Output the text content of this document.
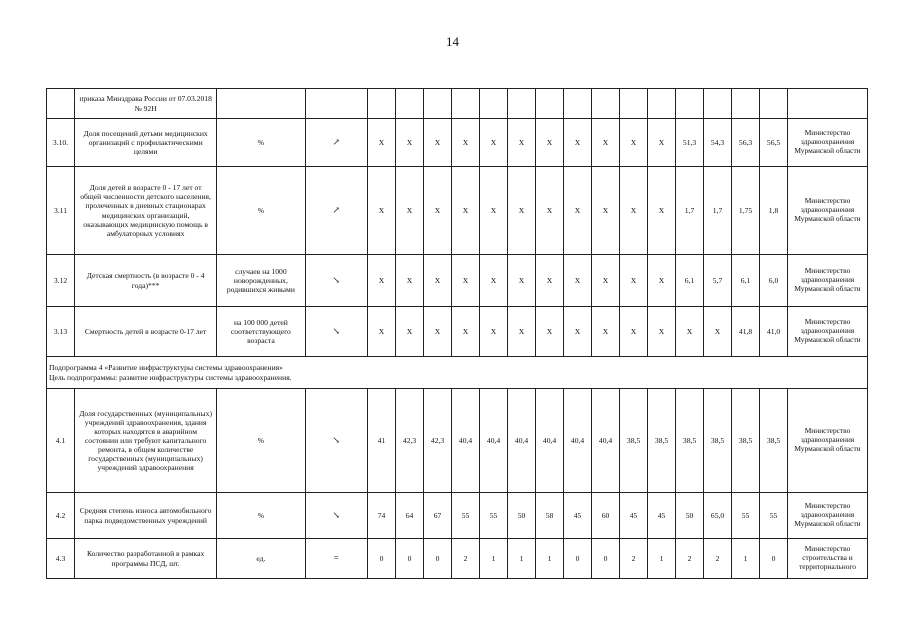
14
	приказа Минздрава России от 07.03.2018 № 92Н																		
3.10.	Доля посещений детьми медицинских организаций с профилактическими целями	%	↗	X	X	X	X	X	X	X	X	X	X	X	51,3	54,3	56,3	56,5	Министерство здравоохранения Мурманской области
3.11	Доля детей в возрасте 0 - 17 лет от общей численности детского населения, пролеченных в дневных стационарах медицинских организаций, оказывающих медицинскую помощь в амбулаторных условиях	%	↗	X	X	X	X	X	X	X	X	X	X	X	1,7	1,7	1,75	1,8	Министерство здравоохранения Мурманской области
3.12	Детская смертность (в возрасте 0 - 4 года)***	случаев на 1000 новорожденных, родившихся живыми	↘	X	X	X	X	X	X	X	X	X	X	X	6,1	5,7	6,1	6,0	Министерство здравоохранения Мурманской области
3.13	Смертность детей в возрасте 0-17 лет	на 100 000 детей соответствующего возраста	↘	X	X	X	X	X	X	X	X	X	X	X	X	X	41,8	41,0	Министерство здравоохранения Мурманской области

Подпрограмма 4 «Развитие инфраструктуры системы здравоохранения»
Цель подпрограммы: развитие инфраструктуры системы здравоохранения.																			

4.1	Доля государственных (муниципальных) учреждений здравоохранения, здания которых находятся в аварийном состоянии или требуют капитального ремонта, в общем количестве государственных (муниципальных) учреждений здравоохранения	%	↘	41	42,3	42,3	40,4	40,4	40,4	40,4	40,4	40,4	38,5	38,5	38,5	38,5	38,5	38,5	Министерство здравоохранения Мурманской области
4.2	Средняя степень износа автомобильного парка подведомственных учреждений	%	↘	74	64	67	55	55	50	58	45	60	45	45	50	65,0	55	55	Министерство здравоохранения Мурманской области
4.3	Количество разработанной в рамках программы ПСД, шт.	ед.	=	0	0	0	2	1	1	1	0	0	2	1	2	2	1	0	Министерство строительства и территориального
